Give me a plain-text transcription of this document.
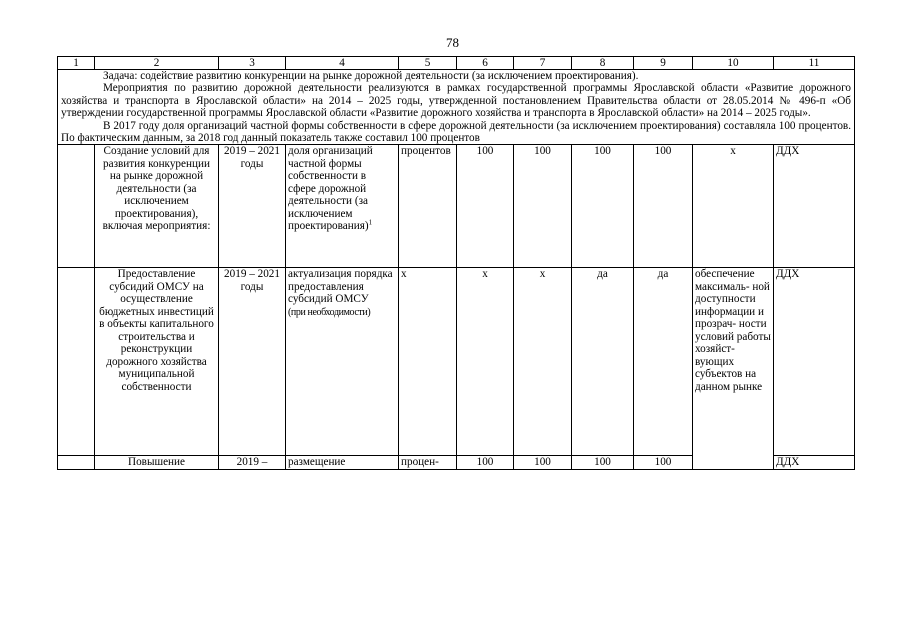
78
1	2	3	4	5	6	7	8	9	10	11

Задача: содействие развитию конкуренции на рынке дорожной деятельности (за исключением проектирования).

Мероприятия по развитию дорожной деятельности реализуются в рамках государственной программы Ярославской области «Развитие дорожного хозяйства и транспорта в Ярославской области» на 2014 – 2025 годы, утвержденной постановлением Правительства области от 28.05.2014 № 496-п «Об утверждении государственной программы Ярославской области «Развитие дорожного хозяйства и транспорта в Ярославской области» на 2014 – 2025 годы».

В 2017 году доля организаций частной формы собственности в сфере дорожной деятельности (за исключением проектирования) составляла 100 процентов. По фактическим данным, за 2018 год данный показатель также составил 100 процентов										

	Создание условий для развития конкуренции на рынке дорожной деятельности (за исключением проектирования), включая мероприятия:	2019 – 2021 годы	доля организаций частной формы собственности в сфере дорожной деятельности (за исключением проектирования)$^1$	процентов	100	100	100	100	х	ДДХ
	Предоставление субсидий ОМСУ на осуществление бюджетных инвестиций в объекты капитального строительства и реконструкции дорожного хозяйства муниципальной собственности	2019 – 2021 годы	актуализация порядка предоставления субсидий ОМСУ
(при необходимости)	х	х	х	да	да	обеспечение максималь- ной доступности информации и прозрач- ности условий работы хозяйст- вующих субъектов на данном рынке	ДДХ
	Повышение	2019 –	размещение	процен-	100	100	100	100		ДДХ
